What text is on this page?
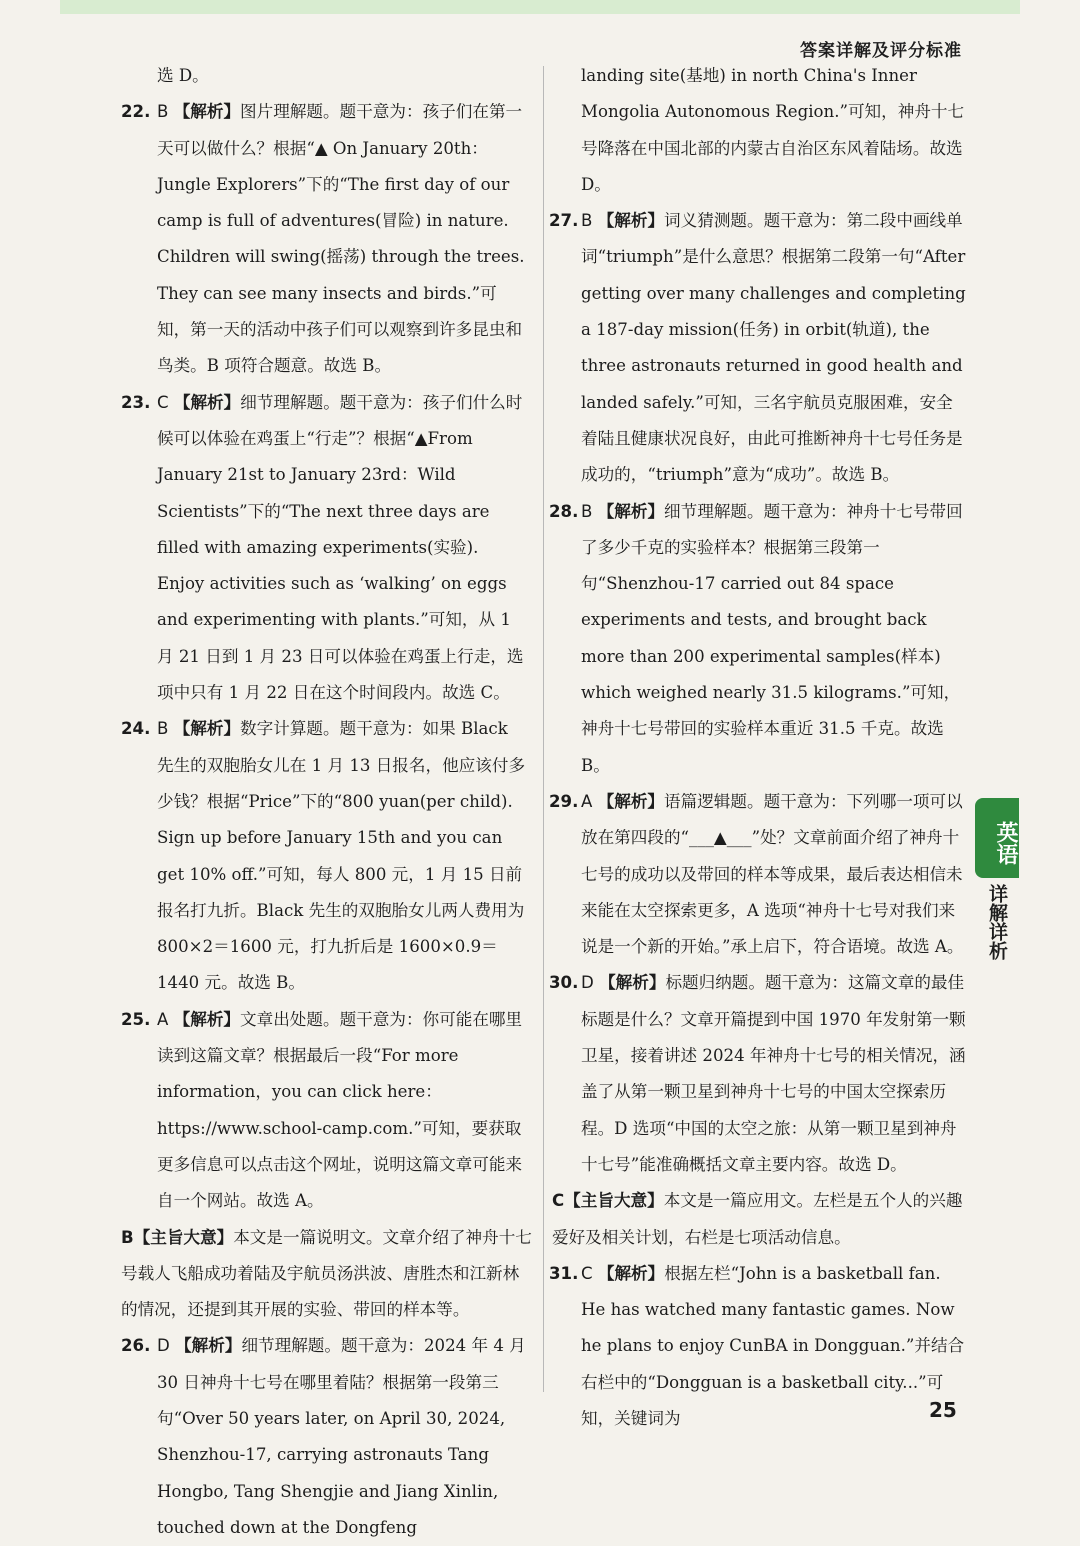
答案详解及评分标准

选 D。

22. B 【解析】图片理解题。题干意为：孩子们在第一天可以做什么？根据“▲ On January 20th：Jungle Explorers”下的“The first day of our camp is full of adventures(冒险) in nature. Children will swing(摇荡) through the trees. They can see many insects and birds.”可知，第一天的活动中孩子们可以观察到许多昆虫和鸟类。B 项符合题意。故选 B。
23. C 【解析】细节理解题。题干意为：孩子们什么时候可以体验在鸡蛋上“行走”？根据“▲From January 21st to January 23rd：Wild Scientists”下的“The next three days are filled with amazing experiments(实验). Enjoy activities such as ‘walking’ on eggs and experimenting with plants.”可知，从 1 月 21 日到 1 月 23 日可以体验在鸡蛋上行走，选项中只有 1 月 22 日在这个时间段内。故选 C。
24. B 【解析】数字计算题。题干意为：如果 Black 先生的双胞胎女儿在 1 月 13 日报名，他应该付多少钱？根据“Price”下的“800 yuan(per child). Sign up before January 15th and you can get 10% off.”可知，每人 800 元，1 月 15 日前报名打九折。Black 先生的双胞胎女儿两人费用为 800×2＝1600 元，打九折后是 1600×0.9＝1440 元。故选 B。
25. A 【解析】文章出处题。题干意为：你可能在哪里读到这篇文章？根据最后一段“For more information，you can click here：https://www.school-camp.com.”可知，要获取更多信息可以点击这个网址，说明这篇文章可能来自一个网站。故选 A。
B【主旨大意】本文是一篇说明文。文章介绍了神舟十七号载人飞船成功着陆及宇航员汤洪波、唐胜杰和江新林的情况，还提到其开展的实验、带回的样本等。
26. D 【解析】细节理解题。题干意为：2024 年 4 月 30 日神舟十七号在哪里着陆？根据第一段第三句“Over 50 years later, on April 30, 2024, Shenzhou-17, carrying astronauts Tang Hongbo, Tang Shengjie and Jiang Xinlin, touched down at the Dongfeng

landing site(基地) in north China's Inner Mongolia Autonomous Region.”可知，神舟十七号降落在中国北部的内蒙古自治区东风着陆场。故选 D。

27. B 【解析】词义猜测题。题干意为：第二段中画线单词“triumph”是什么意思？根据第二段第一句“After getting over many challenges and completing a 187-day mission(任务) in orbit(轨道), the three astronauts returned in good health and landed safely.”可知，三名宇航员克服困难，安全着陆且健康状况良好，由此可推断神舟十七号任务是成功的，“triumph”意为“成功”。故选 B。
28. B 【解析】细节理解题。题干意为：神舟十七号带回了多少千克的实验样本？根据第三段第一句“Shenzhou-17 carried out 84 space experiments and tests, and brought back more than 200 experimental samples(样本) which weighed nearly 31.5 kilograms.”可知，神舟十七号带回的实验样本重近 31.5 千克。故选 B。
29. A 【解析】语篇逻辑题。题干意为：下列哪一项可以放在第四段的“___▲___”处？文章前面介绍了神舟十七号的成功以及带回的样本等成果，最后表达相信未来能在太空探索更多，A 选项“神舟十七号对我们来说是一个新的开始。”承上启下，符合语境。故选 A。
30. D 【解析】标题归纳题。题干意为：这篇文章的最佳标题是什么？文章开篇提到中国 1970 年发射第一颗卫星，接着讲述 2024 年神舟十七号的相关情况，涵盖了从第一颗卫星到神舟十七号的中国太空探索历程。D 选项“中国的太空之旅：从第一颗卫星到神舟十七号”能准确概括文章主要内容。故选 D。
C【主旨大意】本文是一篇应用文。左栏是五个人的兴趣爱好及相关计划，右栏是七项活动信息。
31. C 【解析】根据左栏“John is a basketball fan. He has watched many fantastic games. Now he plans to enjoy CunBA in Dongguan.”并结合右栏中的“Dongguan is a basketball city...”可知，关键词为
英语
详解详析
25
